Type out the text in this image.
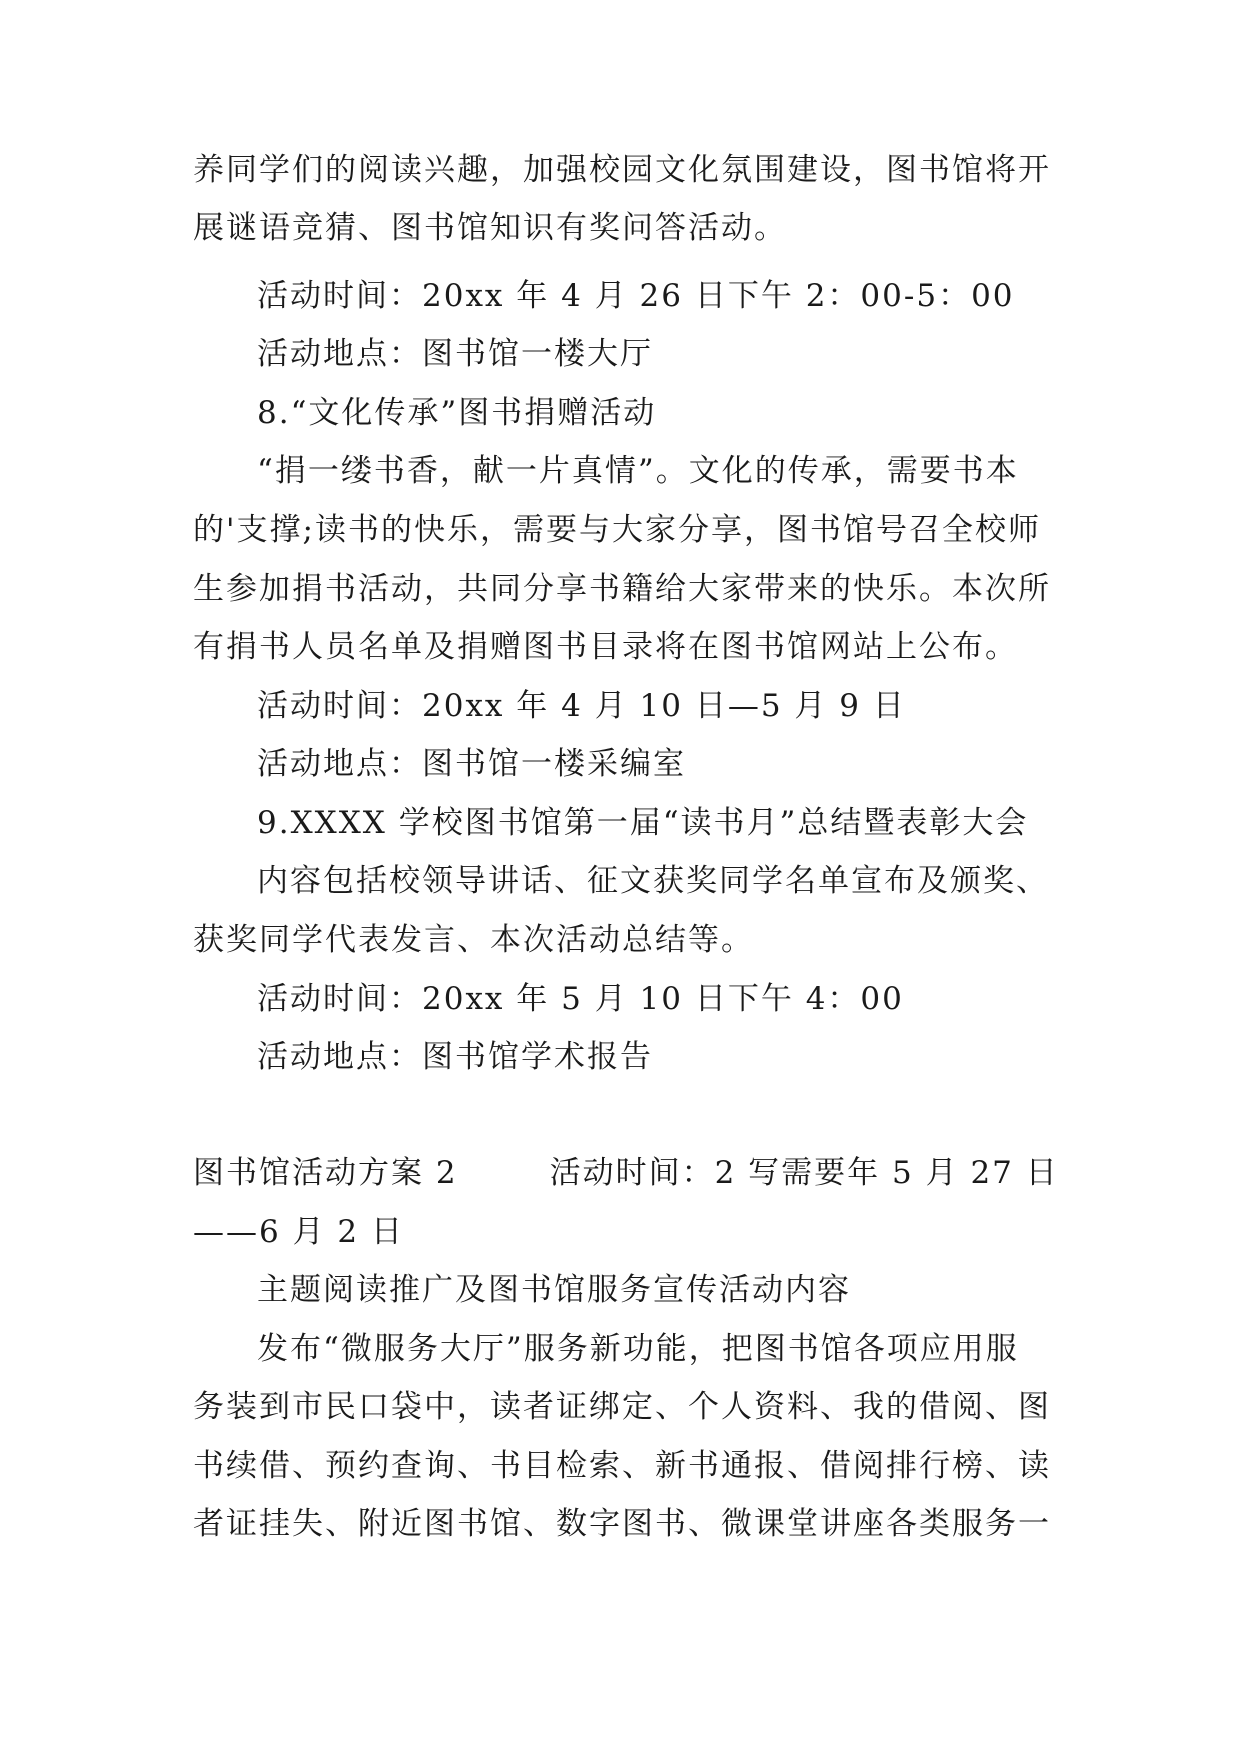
养同学们的阅读兴趣，加强校园文化氛围建设，图书馆将开
展谜语竞猜、图书馆知识有奖问答活动。
活动时间：20xx 年 4 月 26 日下午 2：00-5：00
活动地点：图书馆一楼大厅
8.“文化传承”图书捐赠活动
“捐一缕书香，献一片真情”。文化的传承，需要书本
的'支撑;读书的快乐，需要与大家分享，图书馆号召全校师
生参加捐书活动，共同分享书籍给大家带来的快乐。本次所
有捐书人员名单及捐赠图书目录将在图书馆网站上公布。
活动时间：20xx 年 4 月 10 日—5 月 9 日
活动地点：图书馆一楼采编室
9.XXXX 学校图书馆第一届“读书月”总结暨表彰大会
内容包括校领导讲话、征文获奖同学名单宣布及颁奖、
获奖同学代表发言、本次活动总结等。
活动时间：20xx 年 5 月 10 日下午 4：00
活动地点：图书馆学术报告
图书馆活动方案 2	活动时间：2 写需要年 5 月 27 日
——6 月 2 日
主题阅读推广及图书馆服务宣传活动内容
发布“微服务大厅”服务新功能，把图书馆各项应用服
务装到市民口袋中，读者证绑定、个人资料、我的借阅、图
书续借、预约查询、书目检索、新书通报、借阅排行榜、读
者证挂失、附近图书馆、数字图书、微课堂讲座各类服务一
